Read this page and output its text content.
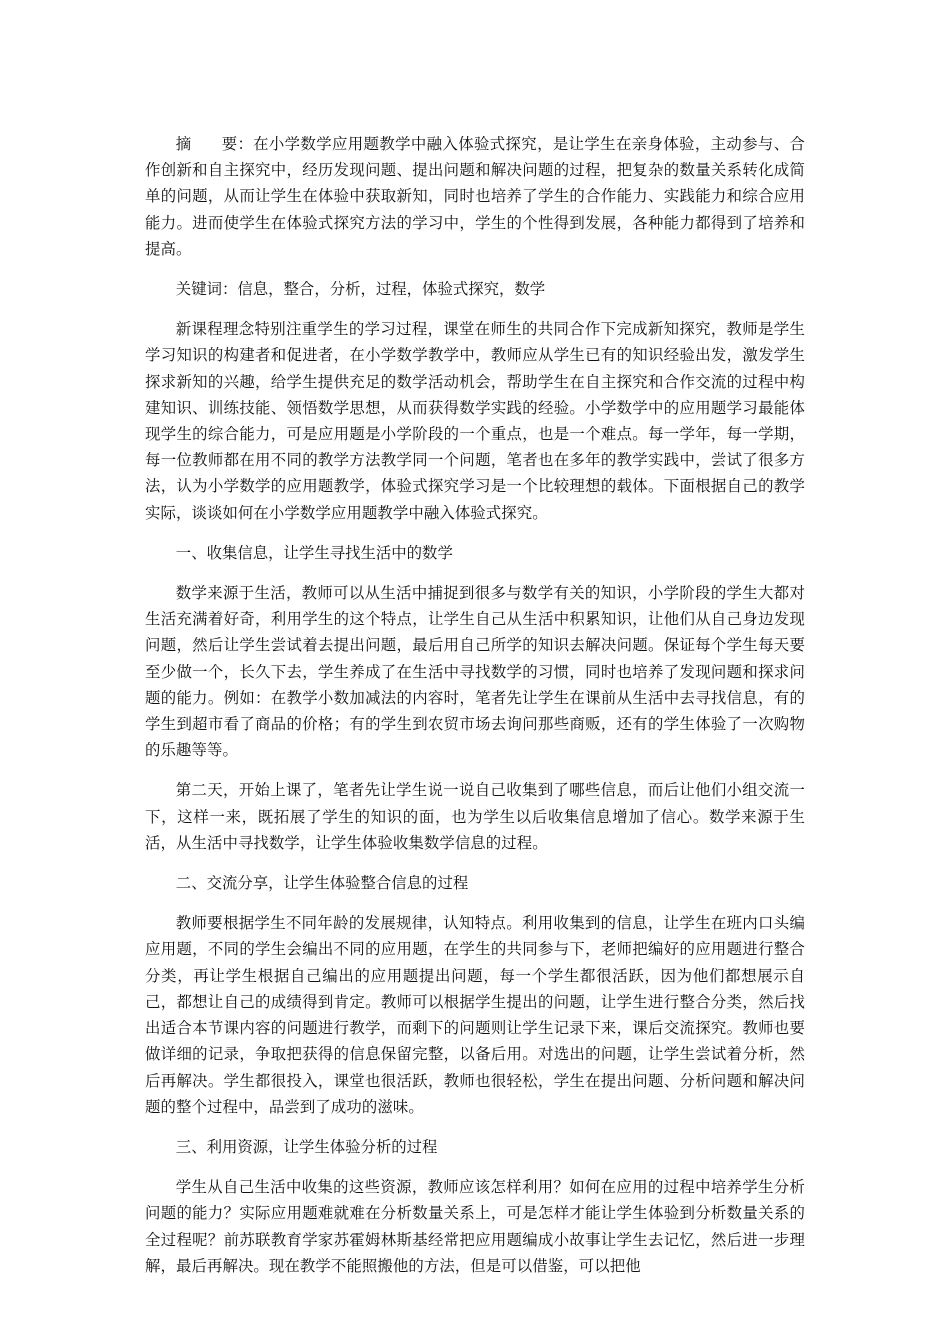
摘 要：在小学数学应用题教学中融入体验式探究，是让学生在亲身体验，主动参与、合作创新和自主探究中，经历发现问题、提出问题和解决问题的过程，把复杂的数量关系转化成简单的问题，从而让学生在体验中获取新知，同时也培养了学生的合作能力、实践能力和综合应用能力。进而使学生在体验式探究方法的学习中，学生的个性得到发展，各种能力都得到了培养和提高。

关键词：信息，整合，分析，过程，体验式探究，数学

新课程理念特别注重学生的学习过程，课堂在师生的共同合作下完成新知探究，教师是学生学习知识的构建者和促进者，在小学数学教学中，教师应从学生已有的知识经验出发，激发学生探求新知的兴趣，给学生提供充足的数学活动机会，帮助学生在自主探究和合作交流的过程中构建知识、训练技能、领悟数学思想，从而获得数学实践的经验。小学数学中的应用题学习最能体现学生的综合能力，可是应用题是小学阶段的一个重点，也是一个难点。每一学年，每一学期，每一位教师都在用不同的教学方法教学同一个问题，笔者也在多年的教学实践中，尝试了很多方法，认为小学数学的应用题教学，体验式探究学习是一个比较理想的载体。下面根据自己的教学实际，谈谈如何在小学数学应用题教学中融入体验式探究。

一、收集信息，让学生寻找生活中的数学

数学来源于生活，教师可以从生活中捕捉到很多与数学有关的知识，小学阶段的学生大都对生活充满着好奇，利用学生的这个特点，让学生自己从生活中积累知识，让他们从自己身边发现问题，然后让学生尝试着去提出问题，最后用自己所学的知识去解决问题。保证每个学生每天要至少做一个，长久下去，学生养成了在生活中寻找数学的习惯，同时也培养了发现问题和探求问题的能力。例如：在教学小数加减法的内容时，笔者先让学生在课前从生活中去寻找信息，有的学生到超市看了商品的价格；有的学生到农贸市场去询问那些商贩，还有的学生体验了一次购物的乐趣等等。

第二天，开始上课了，笔者先让学生说一说自己收集到了哪些信息，而后让他们小组交流一下，这样一来，既拓展了学生的知识的面，也为学生以后收集信息增加了信心。数学来源于生活，从生活中寻找数学，让学生体验收集数学信息的过程。

二、交流分享，让学生体验整合信息的过程

教师要根据学生不同年龄的发展规律，认知特点。利用收集到的信息，让学生在班内口头编应用题，不同的学生会编出不同的应用题，在学生的共同参与下，老师把编好的应用题进行整合分类，再让学生根据自己编出的应用题提出问题，每一个学生都很活跃，因为他们都想展示自己，都想让自己的成绩得到肯定。教师可以根据学生提出的问题，让学生进行整合分类，然后找出适合本节课内容的问题进行教学，而剩下的问题则让学生记录下来，课后交流探究。教师也要做详细的记录，争取把获得的信息保留完整，以备后用。对选出的问题，让学生尝试着分析，然后再解决。学生都很投入，课堂也很活跃，教师也很轻松，学生在提出问题、分析问题和解决问题的整个过程中，品尝到了成功的滋味。

三、利用资源，让学生体验分析的过程

学生从自己生活中收集的这些资源，教师应该怎样利用？如何在应用的过程中培养学生分析问题的能力？实际应用题难就难在分析数量关系上，可是怎样才能让学生体验到分析数量关系的全过程呢？前苏联教育学家苏霍姆林斯基经常把应用题编成小故事让学生去记忆，然后进一步理解，最后再解决。现在教学不能照搬他的方法，但是可以借鉴，可以把他
